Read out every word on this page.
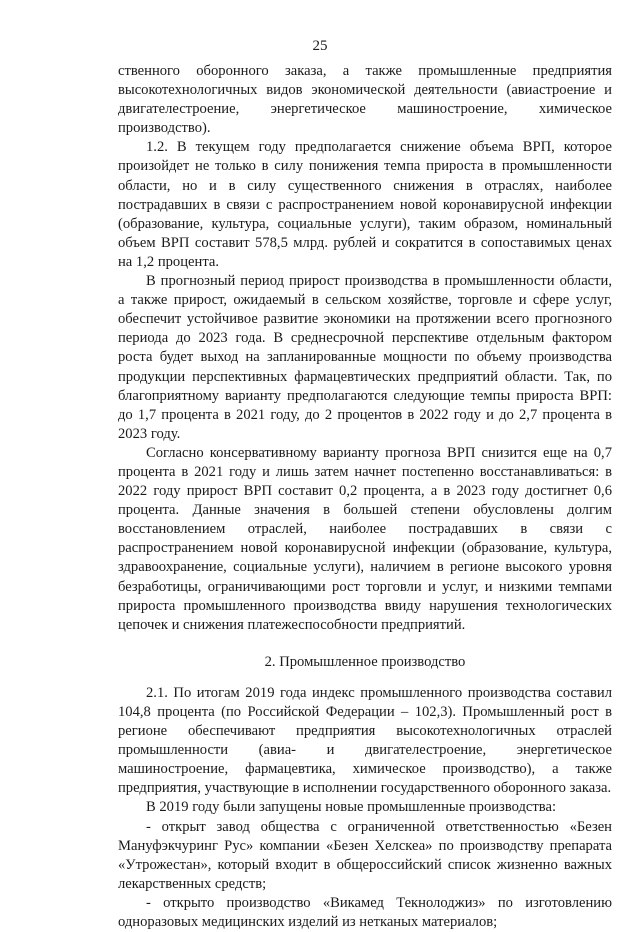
25

ственного оборонного заказа, а также промышленные предприятия высокотехнологичных видов экономической деятельности (авиастроение и двигателестроение, энергетическое машиностроение, химическое производство).

1.2. В текущем году предполагается снижение объема ВРП, которое произойдет не только в силу понижения темпа прироста в промышленности области, но и в силу существенного снижения в отраслях, наиболее пострадавших в связи с распространением новой коронавирусной инфекции (образование, культура, социальные услуги), таким образом, номинальный объем ВРП составит 578,5 млрд. рублей и сократится в сопоставимых ценах на 1,2 процента.

В прогнозный период прирост производства в промышленности области, а также прирост, ожидаемый в сельском хозяйстве, торговле и сфере услуг, обеспечит устойчивое развитие экономики на протяжении всего прогнозного периода до 2023 года. В среднесрочной перспективе отдельным фактором роста будет выход на запланированные мощности по объему производства продукции перспективных фармацевтических предприятий области. Так, по благоприятному варианту предполагаются следующие темпы прироста ВРП: до 1,7 процента в 2021 году, до 2 процентов в 2022 году и до 2,7 процента в 2023 году.

Согласно консервативному варианту прогноза ВРП снизится еще на 0,7 процента в 2021 году и лишь затем начнет постепенно восстанавливаться: в 2022 году прирост ВРП составит 0,2 процента, а в 2023 году достигнет 0,6 процента. Данные значения в большей степени обусловлены долгим восстановлением отраслей, наиболее пострадавших в связи с распространением новой коронавирусной инфекции (образование, культура, здравоохранение, социальные услуги), наличием в регионе высокого уровня безработицы, ограничивающими рост торговли и услуг, и низкими темпами прироста промышленного производства ввиду нарушения технологических цепочек и снижения платежеспособности предприятий.

2. Промышленное производство

2.1. По итогам 2019 года индекс промышленного производства составил 104,8 процента (по Российской Федерации – 102,3). Промышленный рост в регионе обеспечивают предприятия высокотехнологичных отраслей промышленности (авиа- и двигателестроение, энергетическое машиностроение, фармацевтика, химическое производство), а также предприятия, участвующие в исполнении государственного оборонного заказа.

В 2019 году были запущены новые промышленные производства:

- открыт завод общества с ограниченной ответственностью «Безен Мануфэкчуринг Рус» компании «Безен Хелскеа» по производству препарата «Утрожестан», который входит в общероссийский список жизненно важных лекарственных средств;

- открыто производство «Викамед Текнолоджиз» по изготовлению одноразовых медицинских изделий из нетканых материалов;
